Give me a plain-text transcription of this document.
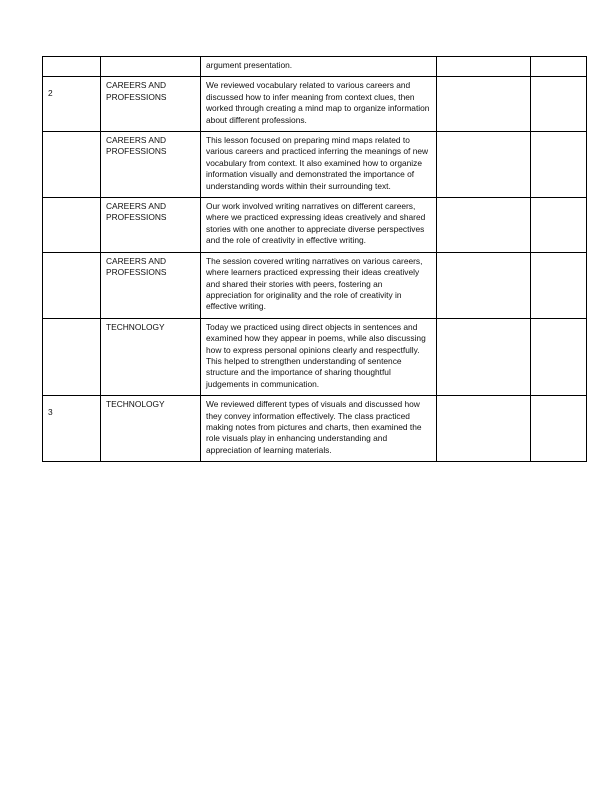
		argument presentation.		

2	CAREERS AND PROFESSIONS	We reviewed vocabulary related to various careers and discussed how to infer meaning from context clues, then worked through creating a mind map to organize information about different professions.		

	CAREERS AND PROFESSIONS	This lesson focused on preparing mind maps related to various careers and practiced inferring the meanings of new vocabulary from context. It also examined how to organize information visually and demonstrated the importance of understanding words within their surrounding text.		

	CAREERS AND PROFESSIONS	Our work involved writing narratives on different careers, where we practiced expressing ideas creatively and shared stories with one another to appreciate diverse perspectives and the role of creativity in effective writing.		

	CAREERS AND PROFESSIONS	The session covered writing narratives on various careers, where learners practiced expressing their ideas creatively and shared their stories with peers, fostering an appreciation for originality and the role of creativity in effective writing.		

	TECHNOLOGY	Today we practiced using direct objects in sentences and examined how they appear in poems, while also discussing how to express personal opinions clearly and respectfully. This helped to strengthen understanding of sentence structure and the importance of sharing thoughtful judgements in communication.		

3	TECHNOLOGY	We reviewed different types of visuals and discussed how they convey information effectively. The class practiced making notes from pictures and charts, then examined the role visuals play in enhancing understanding and appreciation of learning materials.		
